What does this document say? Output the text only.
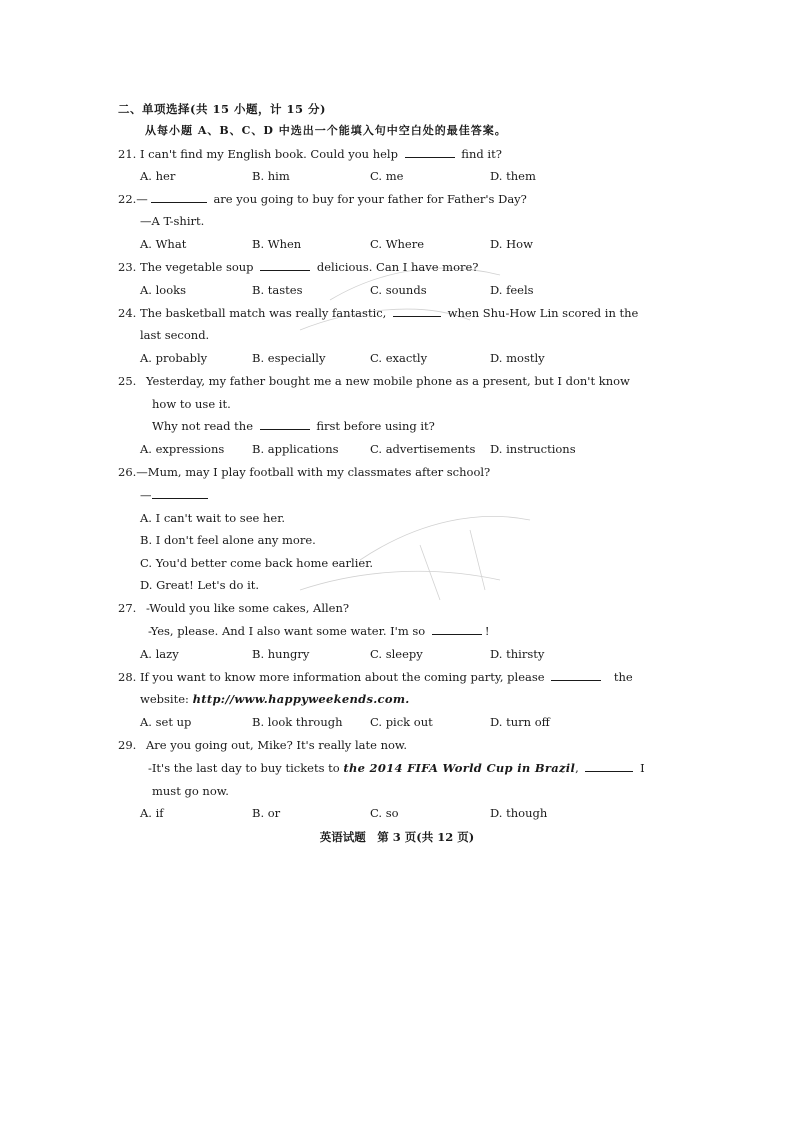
二、单项选择(共 15 小题，计 15 分)
从每小题 A、B、C、D 中选出一个能填入句中空白处的最佳答案。
21. I can't find my English book. Could you help	find it?
A. her	B. him	C. me	D. them
22.—	are you going to buy for your father for Father's Day?
—A T-shirt.
A. What	B. When	C. Where	D. How
23. The vegetable soup	delicious. Can I have more?
A. looks	B. tastes	C. sounds	D. feels
24. The basketball match was really fantastic,	when Shu-How Lin scored in the
last second.
A. probably	B. especially	C. exactly	D. mostly
25. Yesterday, my father bought me a new mobile phone as a present, but I don't know
how to use it.
Why not read the	first before using it?
A. expressions B. applications	C. advertisements D. instructions
26.—Mum, may I play football with my classmates after school?
—
A. I can't wait to see her.
B. I don't feel alone any more.
C. You'd better come back home earlier.
D. Great! Let's do it.
27. -Would you like some cakes, Allen?
-Yes, please. And I also want some water. I'm so	!
A. lazy	B. hungry	C. sleepy	D. thirsty
28. If you want to know more information about the coming party, please	the
website: http://www.happyweekends.com.
A. set up	B. look through C. pick out	D. turn off
29. Are you going out, Mike? It's really late now.
-It's the last day to buy tickets to the 2014 FIFA World Cup in Brazil,	I
must go now.
A. if	B. or	C. so	D. though
英语试题　第 3 页(共 12 页)
